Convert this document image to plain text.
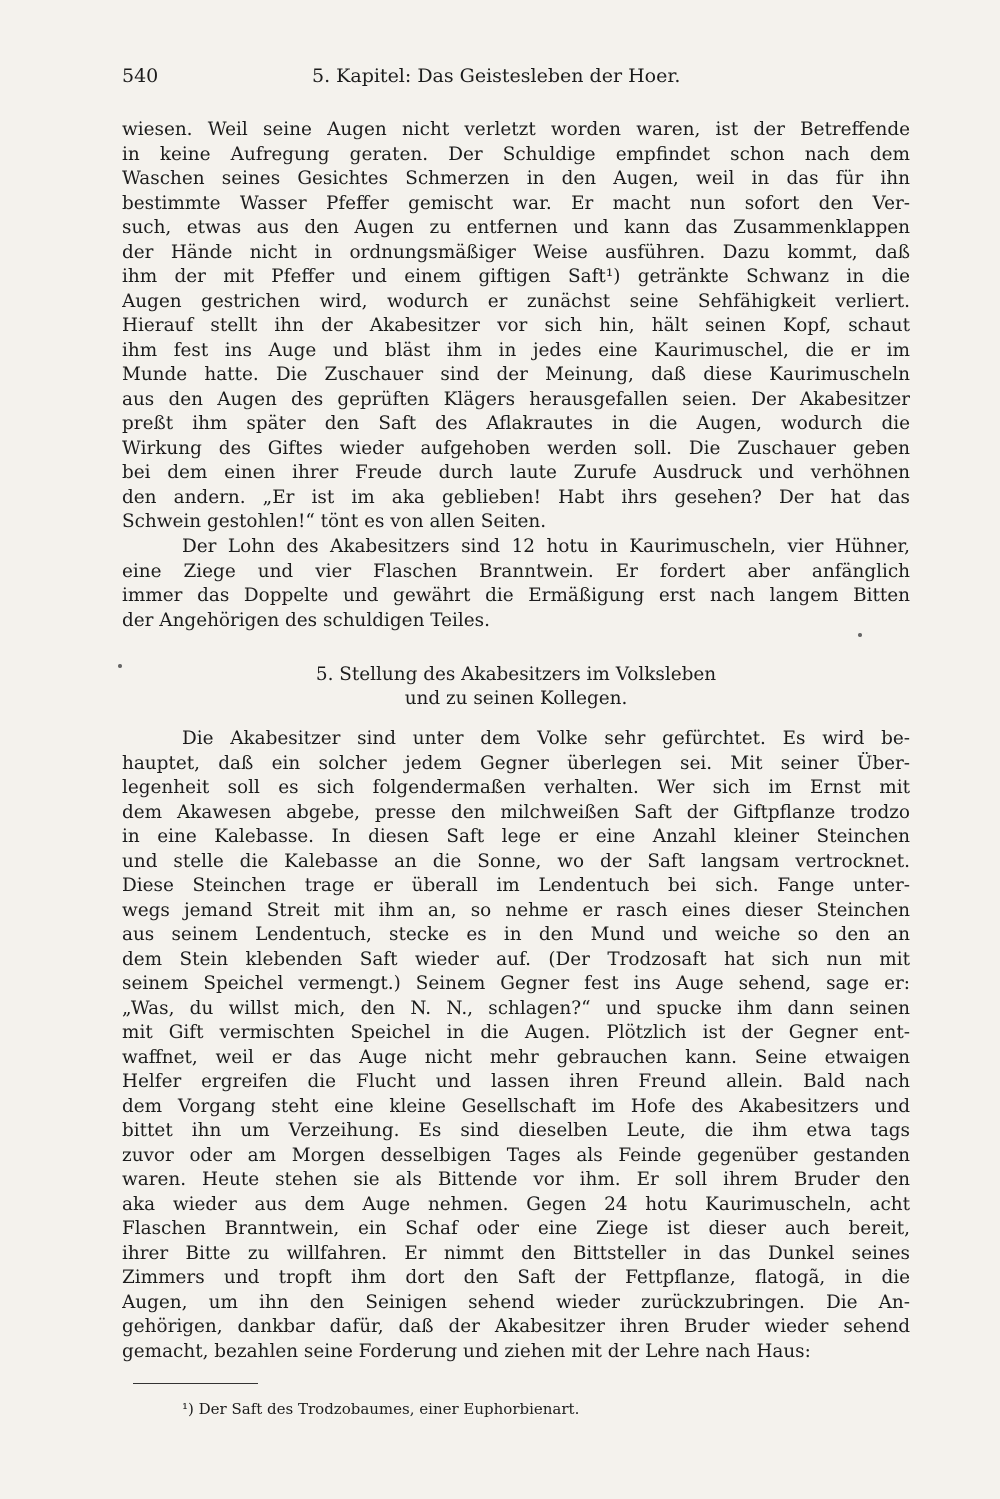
540	5. Kapitel: Das Geistesleben der Hoer.
wiesen. Weil seine Augen nicht verletzt worden waren, ist der Betreffende
in keine Aufregung geraten. Der Schuldige empfindet schon nach dem
Waschen seines Gesichtes Schmerzen in den Augen, weil in das für ihn
bestimmte Wasser Pfeffer gemischt war. Er macht nun sofort den Ver-
such, etwas aus den Augen zu entfernen und kann das Zusammenklappen
der Hände nicht in ordnungsmäßiger Weise ausführen. Dazu kommt, daß
ihm der mit Pfeffer und einem giftigen Saft¹) getränkte Schwanz in die
Augen gestrichen wird, wodurch er zunächst seine Sehfähigkeit verliert.
Hierauf stellt ihn der Akabesitzer vor sich hin, hält seinen Kopf, schaut
ihm fest ins Auge und bläst ihm in jedes eine Kaurimuschel, die er im
Munde hatte. Die Zuschauer sind der Meinung, daß diese Kaurimuscheln
aus den Augen des geprüften Klägers herausgefallen seien. Der Akabesitzer
preßt ihm später den Saft des Aflakrautes in die Augen, wodurch die
Wirkung des Giftes wieder aufgehoben werden soll. Die Zuschauer geben
bei dem einen ihrer Freude durch laute Zurufe Ausdruck und verhöhnen
den andern. „Er ist im aka geblieben! Habt ihrs gesehen? Der hat das
Schwein gestohlen!“ tönt es von allen Seiten.
Der Lohn des Akabesitzers sind 12 hotu in Kaurimuscheln, vier Hühner,
eine Ziege und vier Flaschen Branntwein. Er fordert aber anfänglich
immer das Doppelte und gewährt die Ermäßigung erst nach langem Bitten
der Angehörigen des schuldigen Teiles.
5. Stellung des Akabesitzers im Volksleben
und zu seinen Kollegen.
Die Akabesitzer sind unter dem Volke sehr gefürchtet. Es wird be-
hauptet, daß ein solcher jedem Gegner überlegen sei. Mit seiner Über-
legenheit soll es sich folgendermaßen verhalten. Wer sich im Ernst mit
dem Akawesen abgebe, presse den milchweißen Saft der Giftpflanze trodzo
in eine Kalebasse. In diesen Saft lege er eine Anzahl kleiner Steinchen
und stelle die Kalebasse an die Sonne, wo der Saft langsam vertrocknet.
Diese Steinchen trage er überall im Lendentuch bei sich. Fange unter-
wegs jemand Streit mit ihm an, so nehme er rasch eines dieser Steinchen
aus seinem Lendentuch, stecke es in den Mund und weiche so den an
dem Stein klebenden Saft wieder auf. (Der Trodzosaft hat sich nun mit
seinem Speichel vermengt.) Seinem Gegner fest ins Auge sehend, sage er:
„Was, du willst mich, den N. N., schlagen?“ und spucke ihm dann seinen
mit Gift vermischten Speichel in die Augen. Plötzlich ist der Gegner ent-
waffnet, weil er das Auge nicht mehr gebrauchen kann. Seine etwaigen
Helfer ergreifen die Flucht und lassen ihren Freund allein. Bald nach
dem Vorgang steht eine kleine Gesellschaft im Hofe des Akabesitzers und
bittet ihn um Verzeihung. Es sind dieselben Leute, die ihm etwa tags
zuvor oder am Morgen desselbigen Tages als Feinde gegenüber gestanden
waren. Heute stehen sie als Bittende vor ihm. Er soll ihrem Bruder den
aka wieder aus dem Auge nehmen. Gegen 24 hotu Kaurimuscheln, acht
Flaschen Branntwein, ein Schaf oder eine Ziege ist dieser auch bereit,
ihrer Bitte zu willfahren. Er nimmt den Bittsteller in das Dunkel seines
Zimmers und tropft ihm dort den Saft der Fettpflanze, flatogã, in die
Augen, um ihn den Seinigen sehend wieder zurückzubringen. Die An-
gehörigen, dankbar dafür, daß der Akabesitzer ihren Bruder wieder sehend
gemacht, bezahlen seine Forderung und ziehen mit der Lehre nach Haus:
¹) Der Saft des Trodzobaumes, einer Euphorbienart.
